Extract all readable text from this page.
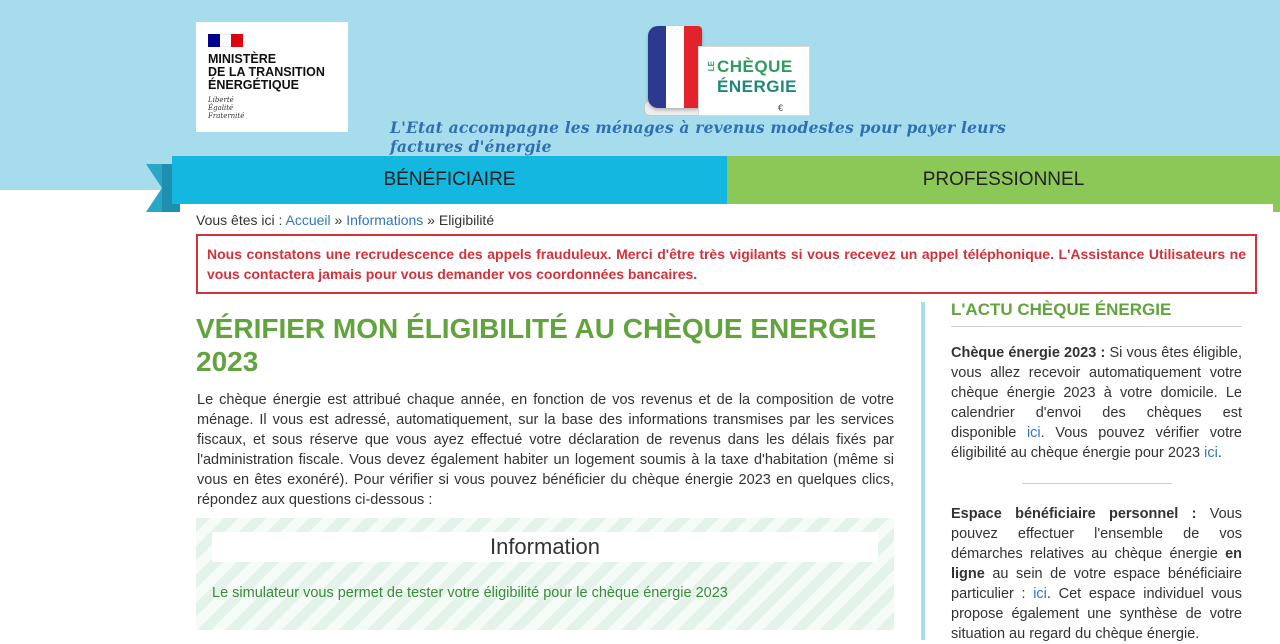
MINISTÈRE
DE LA TRANSITION
ÉNERGÉTIQUE
Liberté
Égalité
Fraternité
LE CHÈQUE
ÉNERGIE
€
L'Etat accompagne les ménages à revenus modestes pour payer leurs factures d'énergie
BÉNÉFICIAIRE	PROFESSIONNEL
Vous êtes ici : Accueil » Informations » Eligibilité
Nous constatons une recrudescence des appels frauduleux. Merci d'être très vigilants si vous recevez un appel téléphonique. L'Assistance Utilisateurs ne vous contactera jamais pour vous demander vos coordonnées bancaires.
VÉRIFIER MON ÉLIGIBILITÉ AU CHÈQUE ENERGIE 2023
Le chèque énergie est attribué chaque année, en fonction de vos revenus et de la composition de votre ménage. Il vous est adressé, automatiquement, sur la base des informations transmises par les services fiscaux, et sous réserve que vous ayez effectué votre déclaration de revenus dans les délais fixés par l'administration fiscale. Vous devez également habiter un logement soumis à la taxe d'habitation (même si vous en êtes exonéré). Pour vérifier si vous pouvez bénéficier du chèque énergie 2023 en quelques clics, répondez aux questions ci-dessous :
Information
Le simulateur vous permet de tester votre éligibilité pour le chèque énergie 2023
L'ACTU CHÈQUE ÉNERGIE

Chèque énergie 2023 : Si vous êtes éligible, vous allez recevoir automatiquement votre chèque énergie 2023 à votre domicile. Le calendrier d'envoi des chèques est disponible ici. Vous pouvez vérifier votre éligibilité au chèque énergie pour 2023 ici.

Espace bénéficiaire personnel : Vous pouvez effectuer l'ensemble de vos démarches relatives au chèque énergie en ligne au sein de votre espace bénéficiaire particulier : ici. Cet espace individuel vous propose également une synthèse de votre situation au regard du chèque énergie.
